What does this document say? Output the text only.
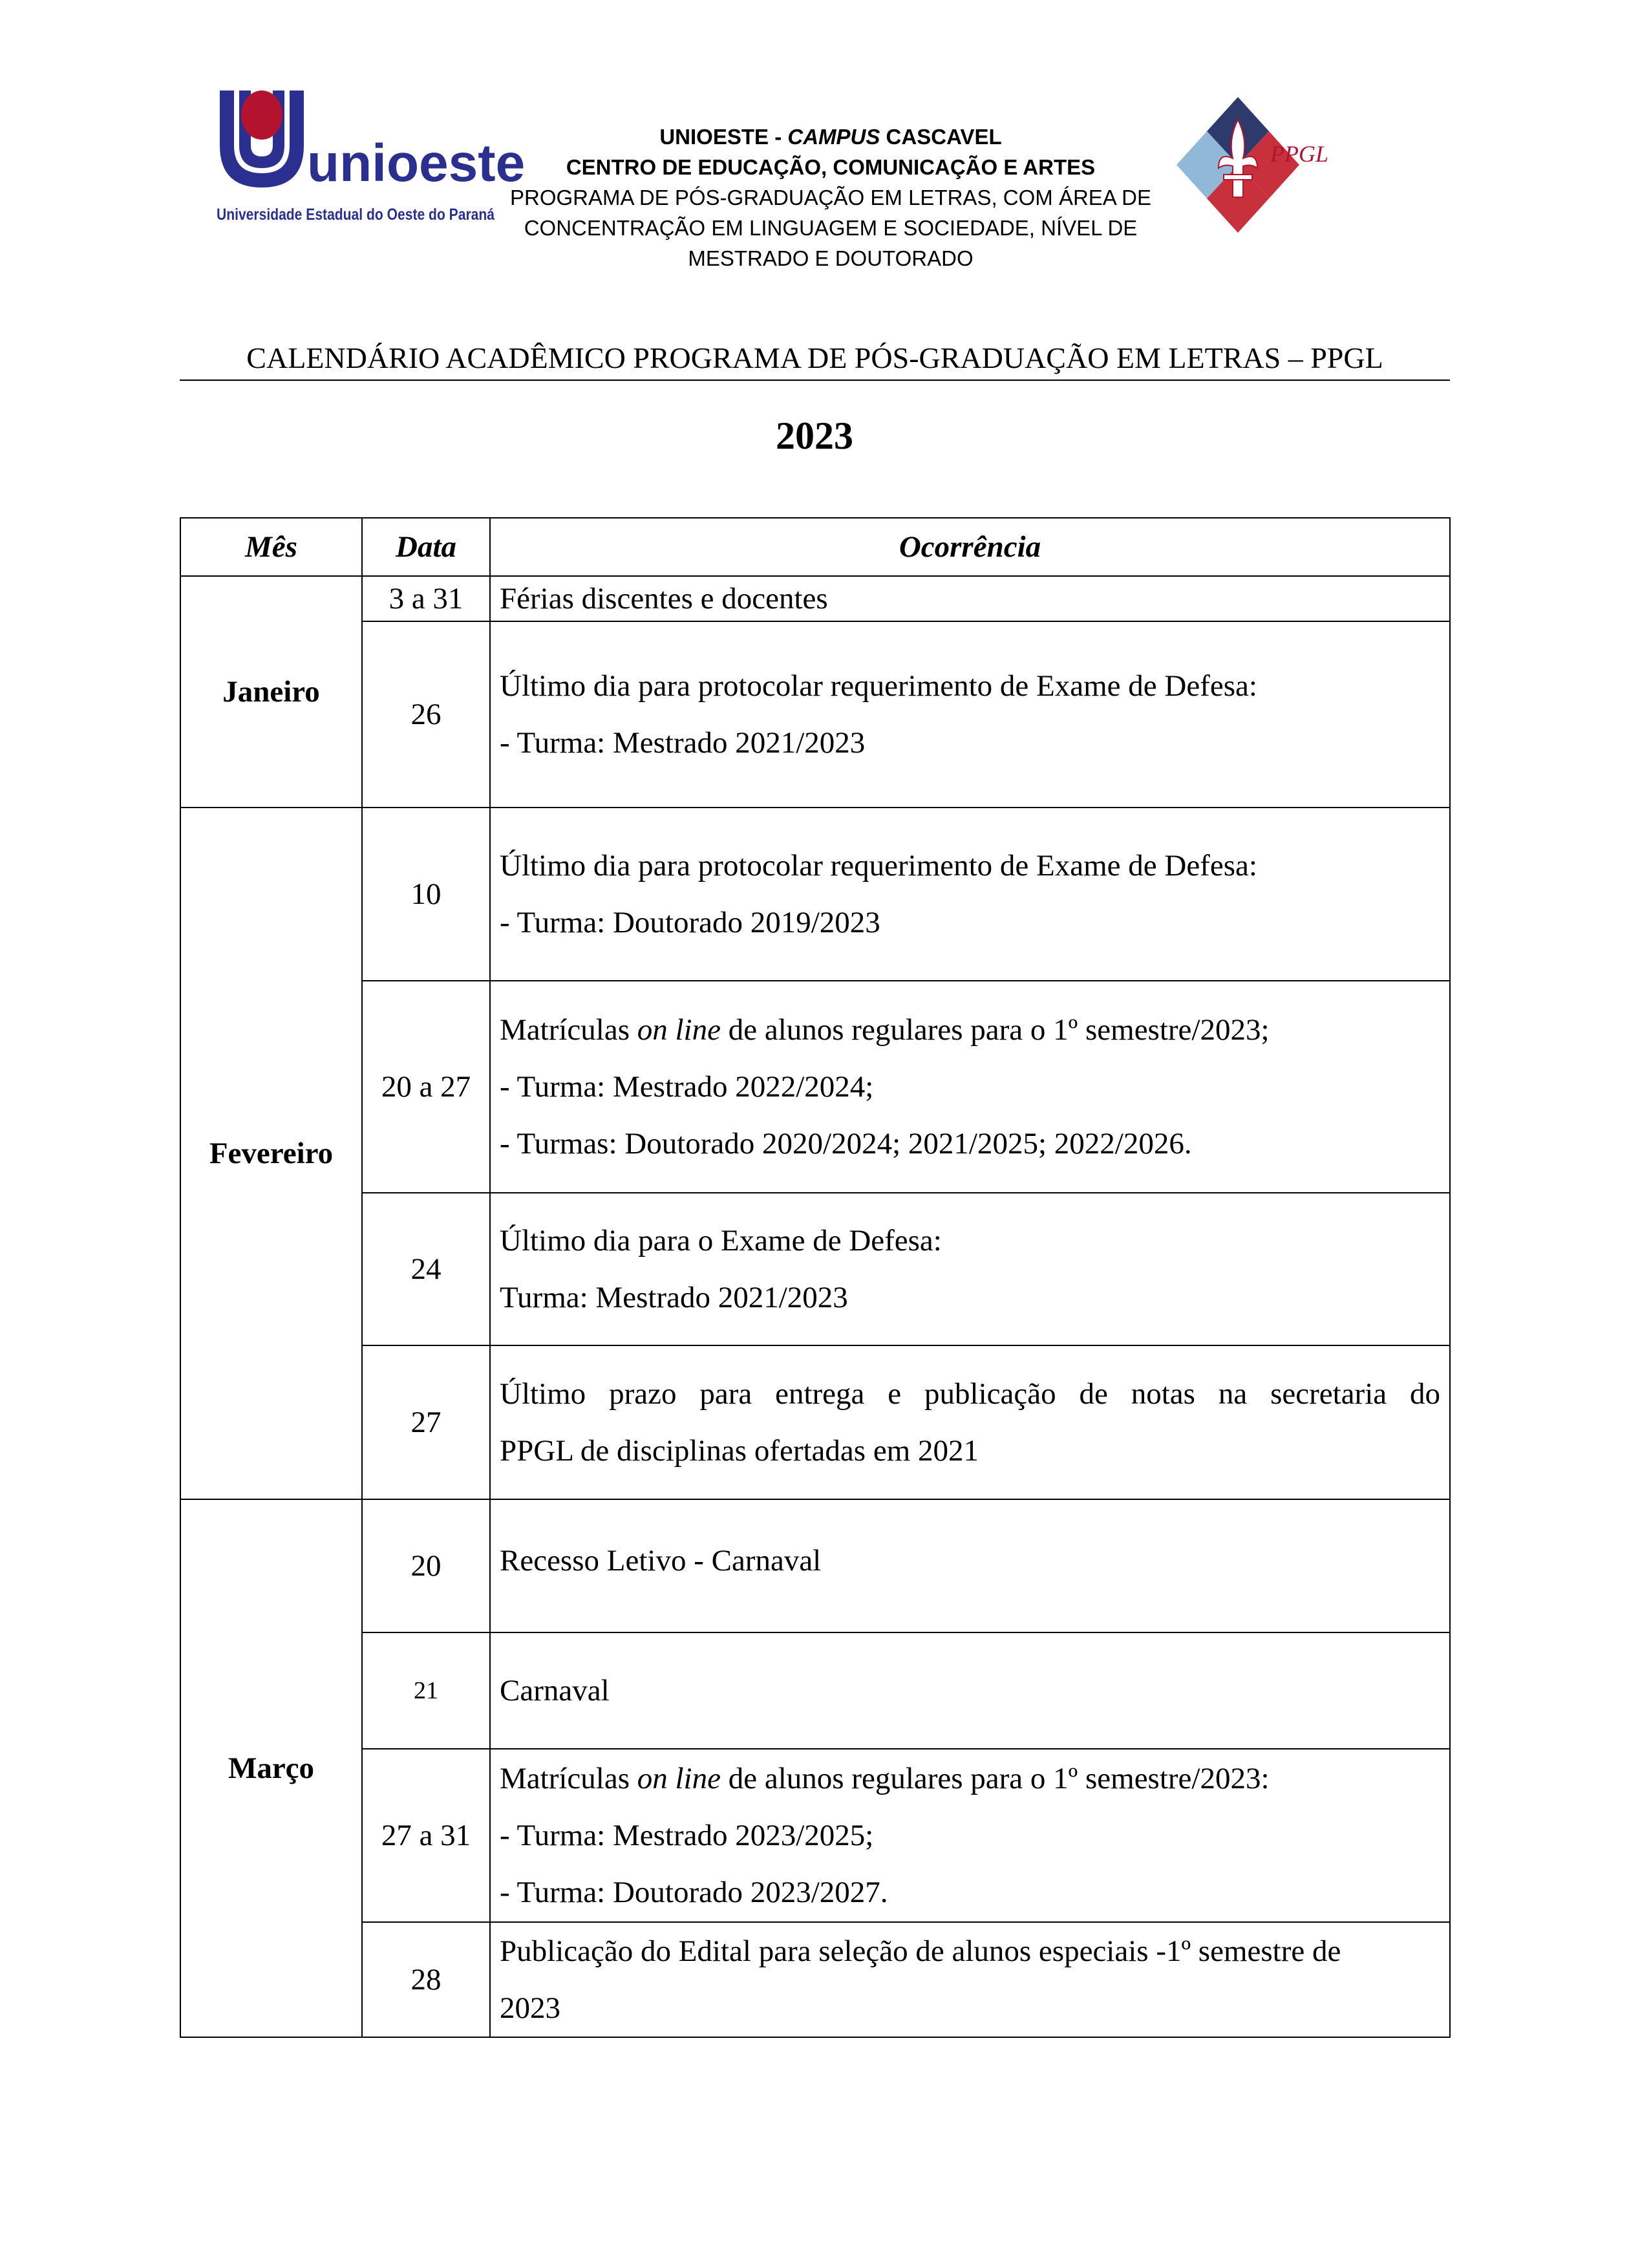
unioeste
Universidade Estadual do Oeste do Paraná
UNIOESTE - CAMPUS CASCAVEL
CENTRO DE EDUCAÇÃO, COMUNICAÇÃO E ARTES
PROGRAMA DE PÓS-GRADUAÇÃO EM LETRAS, COM ÁREA DE
CONCENTRAÇÃO EM LINGUAGEM E SOCIEDADE, NÍVEL DE
MESTRADO E DOUTORADO
PPGL
CALENDÁRIO ACADÊMICO PROGRAMA DE PÓS-GRADUAÇÃO EM LETRAS – PPGL
2023
Mês	Data	Ocorrência
Janeiro	3 a 31	Férias discentes e docentes

	26	Último dia para protocolar requerimento de Exame de Defesa:
- Turma: Mestrado 2021/2023

Fevereiro	10	Último dia para protocolar requerimento de Exame de Defesa:
- Turma: Doutorado 2019/2023

	20 a 27	Matrículas on line de alunos regulares para o 1º semestre/2023;
- Turma: Mestrado 2022/2024;
- Turmas: Doutorado 2020/2024; 2021/2025; 2022/2026.

	24	Último dia para o Exame de Defesa:
Turma: Mestrado 2021/2023

	27	Último prazo para entrega e publicação de notas na secretaria do
PPGL de disciplinas ofertadas em 2021

Março	20	Recesso Letivo - Carnaval

	21	Carnaval

	27 a 31	Matrículas on line de alunos regulares para o 1º semestre/2023:
- Turma: Mestrado 2023/2025;
- Turma: Doutorado 2023/2027.

	28	Publicação do Edital para seleção de alunos especiais -1º semestre de
2023
